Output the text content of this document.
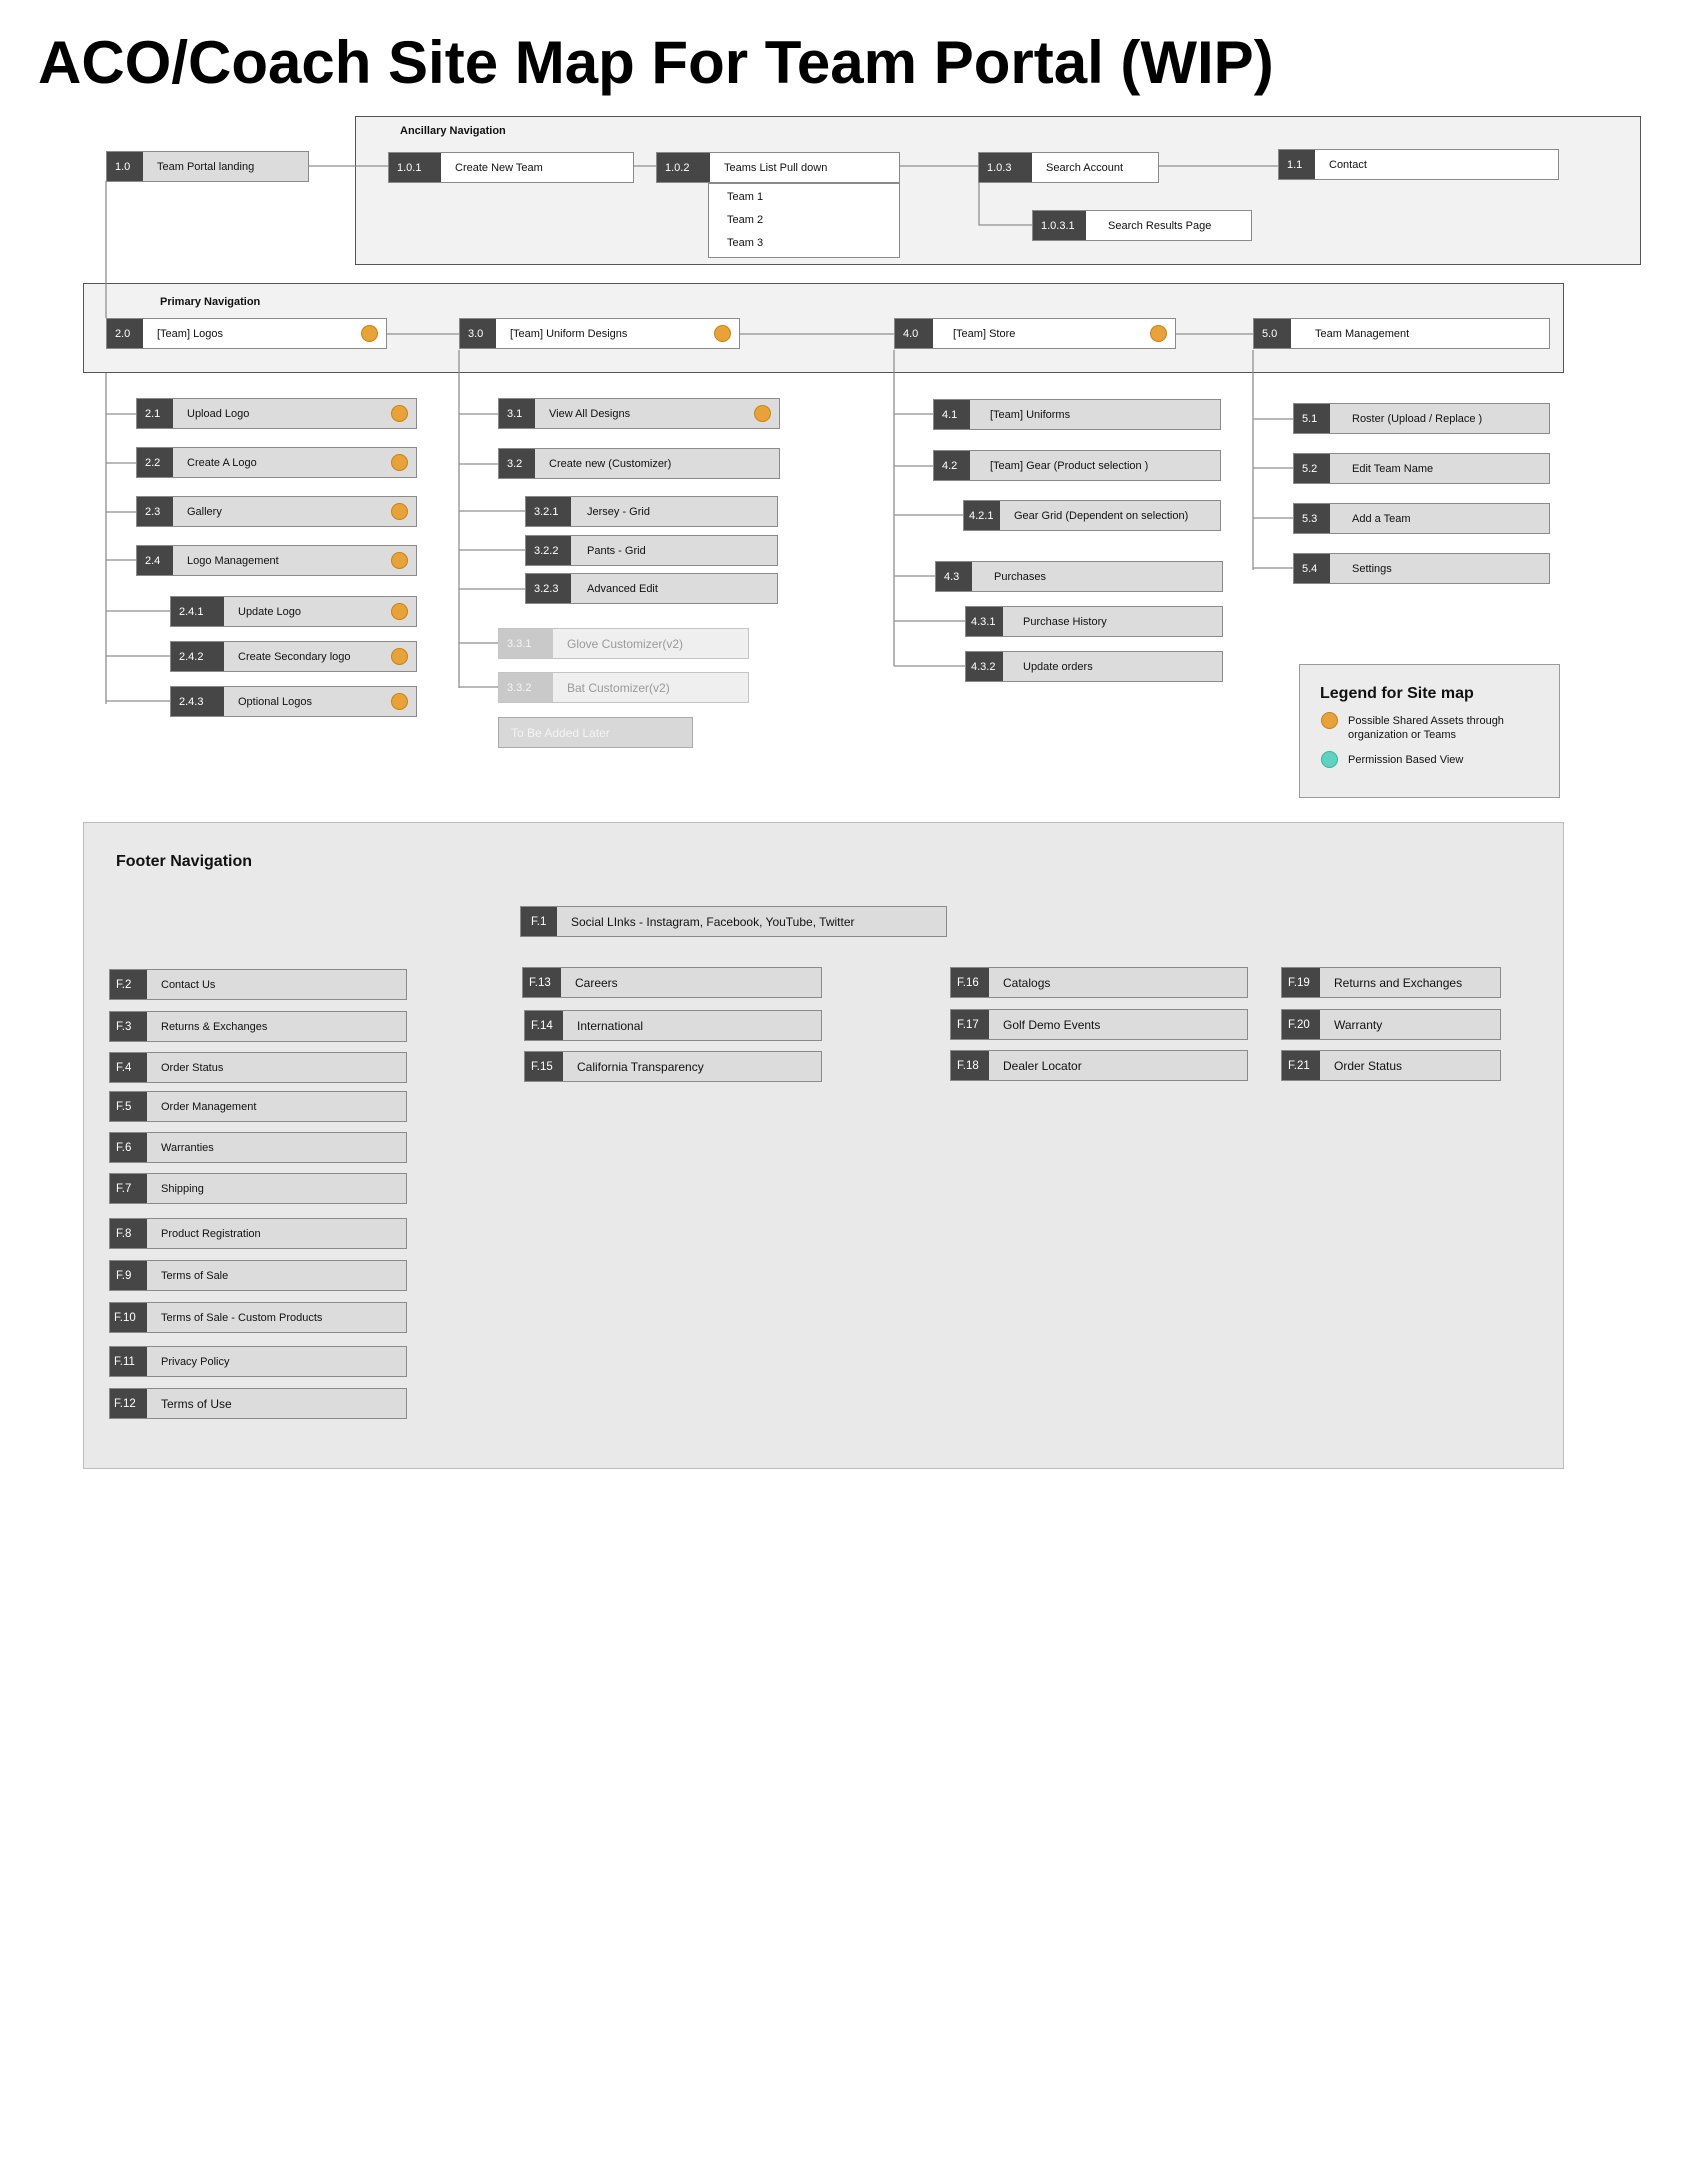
ACO/Coach Site Map For Team Portal (WIP)
Ancillary Navigation
Primary Navigation
Footer Navigation
1.0	Team Portal landing	1.0.1	Create New Team	1.0.2	Teams List Pull down
Team 1
Team 2
Team 3
1.0.3	Search Account
1.0.3.1	Search Results Page
1.1	Contact
2.0	[Team] Logos	3.0	[Team] Uniform Designs	4.0	[Team] Store	5.0	Team Management
2.1	Upload Logo
2.2	Create A Logo
2.3	Gallery
2.4	Logo Management
2.4.1	Update Logo
2.4.2	Create Secondary logo
2.4.3	Optional Logos
3.1	View All Designs
3.2	Create new (Customizer)
3.2.1	Jersey - Grid
3.2.2	Pants - Grid
3.2.3	Advanced Edit
3.3.1	Glove Customizer(v2)
3.3.2	Bat Customizer(v2)
To Be Added Later
4.1	[Team] Uniforms
4.2	[Team] Gear (Product selection )
4.2.1	Gear Grid (Dependent on selection)
4.3	Purchases
4.3.1	Purchase History
4.3.2	Update orders
5.1	Roster (Upload / Replace )
5.2	Edit Team Name
5.3	Add a Team
5.4	Settings
Legend for Site map
Possible Shared Assets through organization or Teams
Permission Based View
F.1	Social LInks - Instagram, Facebook, YouTube, Twitter
F.2	Contact Us
F.3	Returns & Exchanges
F.4	Order Status
F.5	Order Management
F.6	Warranties
F.7	Shipping
F.8	Product Registration
F.9	Terms of Sale
F.10	Terms of Sale - Custom Products
F.11	Privacy Policy
F.12	Terms of Use
F.13	Careers
F.14	International
F.15	California Transparency
F.16	Catalogs
F.17	Golf Demo Events
F.18	Dealer Locator
F.19	Returns and Exchanges
F.20	Warranty
F.21	Order Status
